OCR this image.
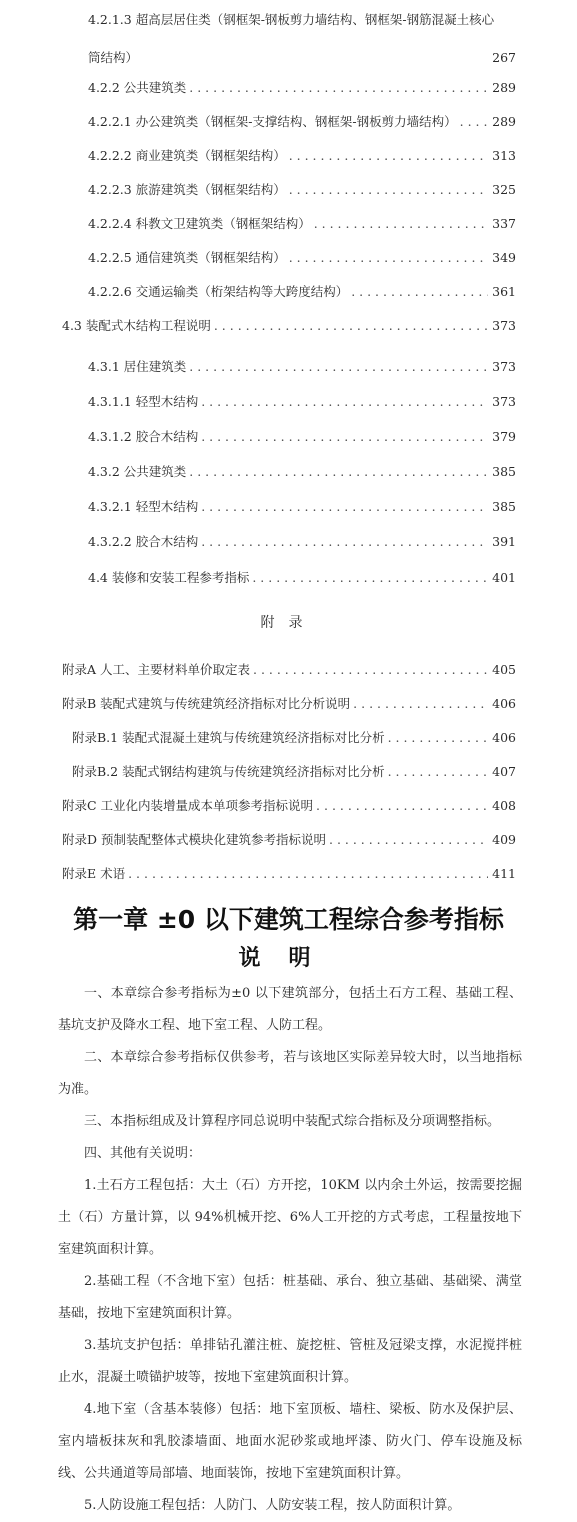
4.2.1.3 超高层居住类（钢框架-钢板剪力墙结构、钢框架-钢筋混凝土核心
筒结构）	267
4.2.2 公共建筑类 . . .	289
4.2.2.1 办公建筑类（钢框架-支撑结构、钢框架-钢板剪力墙结构） . . .	289
4.2.2.2 商业建筑类（钢框架结构） . . .	313
4.2.2.3 旅游建筑类（钢框架结构） . . .	325
4.2.2.4 科教文卫建筑类（钢框架结构） . . .	337
4.2.2.5 通信建筑类（钢框架结构） . . .	349
4.2.2.6 交通运输类（桁架结构等大跨度结构） . . .	361
4.3 装配式木结构工程说明 . . .	373
4.3.1 居住建筑类 . . .	373
4.3.1.1 轻型木结构 . . .	373
4.3.1.2 胶合木结构 . . .	379
4.3.2 公共建筑类 . . .	385
4.3.2.1 轻型木结构 . . .	385
4.3.2.2 胶合木结构 . . .	391
4.4 装修和安装工程参考指标 . . .	401
附录
附录A 人工、主要材料单价取定表 . . .	405
附录B 装配式建筑与传统建筑经济指标对比分析说明 . . .	406
附录B.1 装配式混凝土建筑与传统建筑经济指标对比分析 . . .	406
附录B.2 装配式钢结构建筑与传统建筑经济指标对比分析 . . .	407
附录C 工业化内装增量成本单项参考指标说明 . . .	408
附录D 预制装配整体式模块化建筑参考指标说明 . . .	409
附录E 术语 . . .	411
第一章 ±0 以下建筑工程综合参考指标
说明

一、本章综合参考指标为±0 以下建筑部分，包括土石方工程、基础工程、基坑支护及降水工程、地下室工程、人防工程。

二、本章综合参考指标仅供参考，若与该地区实际差异较大时，以当地指标为准。

三、本指标组成及计算程序同总说明中装配式综合指标及分项调整指标。

四、其他有关说明：

1.土石方工程包括：大土（石）方开挖，10KM 以内余土外运，按需要挖掘土（石）方量计算，以 94%机械开挖、6%人工开挖的方式考虑，工程量按地下室建筑面积计算。

2.基础工程（不含地下室）包括：桩基础、承台、独立基础、基础梁、满堂基础，按地下室建筑面积计算。

3.基坑支护包括：单排钻孔灌注桩、旋挖桩、管桩及冠梁支撑，水泥搅拌桩止水，混凝土喷锚护坡等，按地下室建筑面积计算。

4.地下室（含基本装修）包括：地下室顶板、墙柱、梁板、防水及保护层、室内墙板抹灰和乳胶漆墙面、地面水泥砂浆或地坪漆、防火门、停车设施及标线、公共通道等局部墙、地面装饰，按地下室建筑面积计算。

5.人防设施工程包括：人防门、人防安装工程，按人防面积计算。
